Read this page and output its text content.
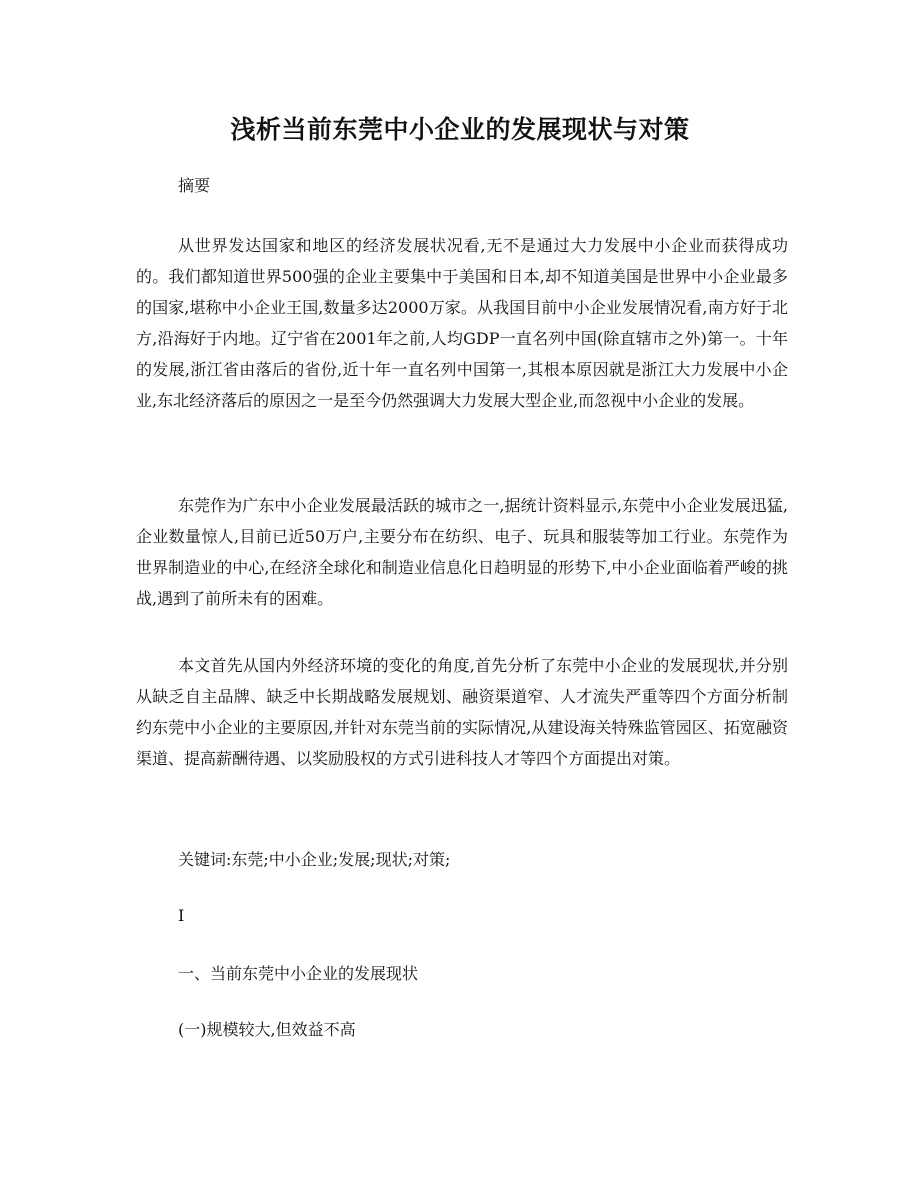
浅析当前东莞中小企业的发展现状与对策

摘要

从世界发达国家和地区的经济发展状况看,无不是通过大力发展中小企业而获得成功的。我们都知道世界500强的企业主要集中于美国和日本,却不知道美国是世界中小企业最多的国家,堪称中小企业王国,数量多达2000万家。从我国目前中小企业发展情况看,南方好于北方,沿海好于内地。辽宁省在2001年之前,人均GDP一直名列中国(除直辖市之外)第一。十年的发展,浙江省由落后的省份,近十年一直名列中国第一,其根本原因就是浙江大力发展中小企业,东北经济落后的原因之一是至今仍然强调大力发展大型企业,而忽视中小企业的发展。

东莞作为广东中小企业发展最活跃的城市之一,据统计资料显示,东莞中小企业发展迅猛,企业数量惊人,目前已近50万户,主要分布在纺织、电子、玩具和服装等加工行业。东莞作为世界制造业的中心,在经济全球化和制造业信息化日趋明显的形势下,中小企业面临着严峻的挑战,遇到了前所未有的困难。

本文首先从国内外经济环境的变化的角度,首先分析了东莞中小企业的发展现状,并分别从缺乏自主品牌、缺乏中长期战略发展规划、融资渠道窄、人才流失严重等四个方面分析制约东莞中小企业的主要原因,并针对东莞当前的实际情况,从建设海关特殊监管园区、拓宽融资渠道、提高薪酬待遇、以奖励股权的方式引进科技人才等四个方面提出对策。

关键词:东莞;中小企业;发展;现状;对策;

I

一、当前东莞中小企业的发展现状

(一)规模较大,但效益不高
